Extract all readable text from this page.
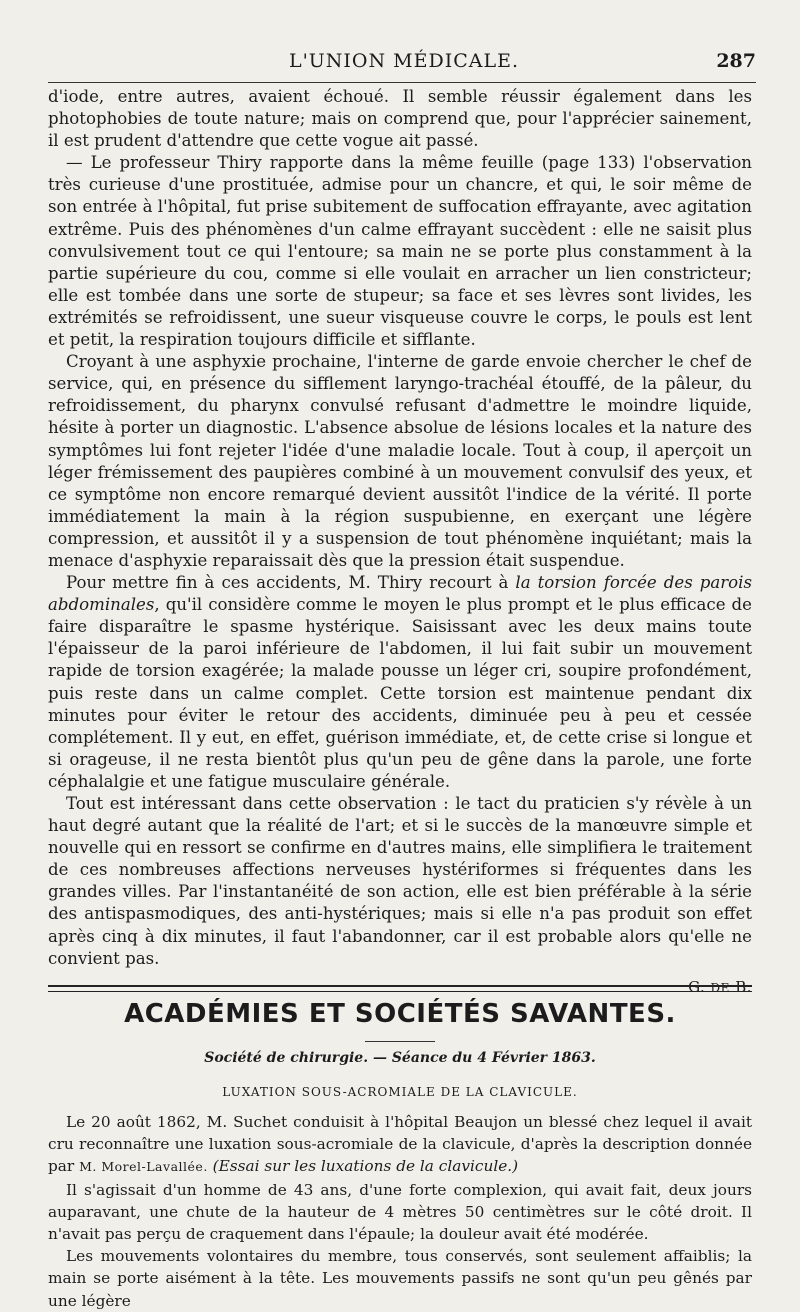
L'UNION MÉDICALE.	287

d'iode, entre autres, avaient échoué. Il semble réussir également dans les photophobies de toute nature; mais on comprend que, pour l'apprécier sainement, il est prudent d'attendre que cette vogue ait passé.

— Le professeur Thiry rapporte dans la même feuille (page 133) l'observation très curieuse d'une prostituée, admise pour un chancre, et qui, le soir même de son entrée à l'hôpital, fut prise subitement de suffocation effrayante, avec agitation extrême. Puis des phénomènes d'un calme effrayant succèdent : elle ne saisit plus convulsivement tout ce qui l'entoure; sa main ne se porte plus constamment à la partie supérieure du cou, comme si elle voulait en arracher un lien constricteur; elle est tombée dans une sorte de stupeur; sa face et ses lèvres sont livides, les extrémités se refroidissent, une sueur visqueuse couvre le corps, le pouls est lent et petit, la respiration toujours difficile et sifflante.

Croyant à une asphyxie prochaine, l'interne de garde envoie chercher le chef de service, qui, en présence du sifflement laryngo-trachéal étouffé, de la pâleur, du refroidissement, du pharynx convulsé refusant d'admettre le moindre liquide, hésite à porter un diagnostic. L'absence absolue de lésions locales et la nature des symptômes lui font rejeter l'idée d'une maladie locale. Tout à coup, il aperçoit un léger frémissement des paupières combiné à un mouvement convulsif des yeux, et ce symptôme non encore remarqué devient aussitôt l'indice de la vérité. Il porte immédiatement la main à la région suspubienne, en exerçant une légère compression, et aussitôt il y a suspension de tout phénomène inquiétant; mais la menace d'asphyxie reparaissait dès que la pression était suspendue.

Pour mettre fin à ces accidents, M. Thiry recourt à la torsion forcée des parois abdominales, qu'il considère comme le moyen le plus prompt et le plus efficace de faire disparaître le spasme hystérique. Saisissant avec les deux mains toute l'épaisseur de la paroi inférieure de l'abdomen, il lui fait subir un mouvement rapide de torsion exagérée; la malade pousse un léger cri, soupire profondément, puis reste dans un calme complet. Cette torsion est maintenue pendant dix minutes pour éviter le retour des accidents, diminuée peu à peu et cessée complétement. Il y eut, en effet, guérison immédiate, et, de cette crise si longue et si orageuse, il ne resta bientôt plus qu'un peu de gêne dans la parole, une forte céphalalgie et une fatigue musculaire générale.

Tout est intéressant dans cette observation : le tact du praticien s'y révèle à un haut degré autant que la réalité de l'art; et si le succès de la manœuvre simple et nouvelle qui en ressort se confirme en d'autres mains, elle simplifiera le traitement de ces nombreuses affections nerveuses hystériformes si fréquentes dans les grandes villes. Par l'instantanéité de son action, elle est bien préférable à la série des antispasmodiques, des anti-hystériques; mais si elle n'a pas produit son effet après cinq à dix minutes, il faut l'abandonner, car il est probable alors qu'elle ne convient pas.

G. DE B.
ACADÉMIES ET SOCIÉTÉS SAVANTES.
Société de chirurgie. — Séance du 4 Février 1863.
LUXATION SOUS-ACROMIALE DE LA CLAVICULE.

Le 20 août 1862, M. Suchet conduisit à l'hôpital Beaujon un blessé chez lequel il avait cru reconnaître une luxation sous-acromiale de la clavicule, d'après la description donnée par M. Morel-Lavallée. (Essai sur les luxations de la clavicule.)

Il s'agissait d'un homme de 43 ans, d'une forte complexion, qui avait fait, deux jours auparavant, une chute de la hauteur de 4 mètres 50 centimètres sur le côté droit. Il n'avait pas perçu de craquement dans l'épaule; la douleur avait été modérée.

Les mouvements volontaires du membre, tous conservés, sont seulement affaiblis; la main se porte aisément à la tête. Les mouvements passifs ne sont qu'un peu gênés par une légère
